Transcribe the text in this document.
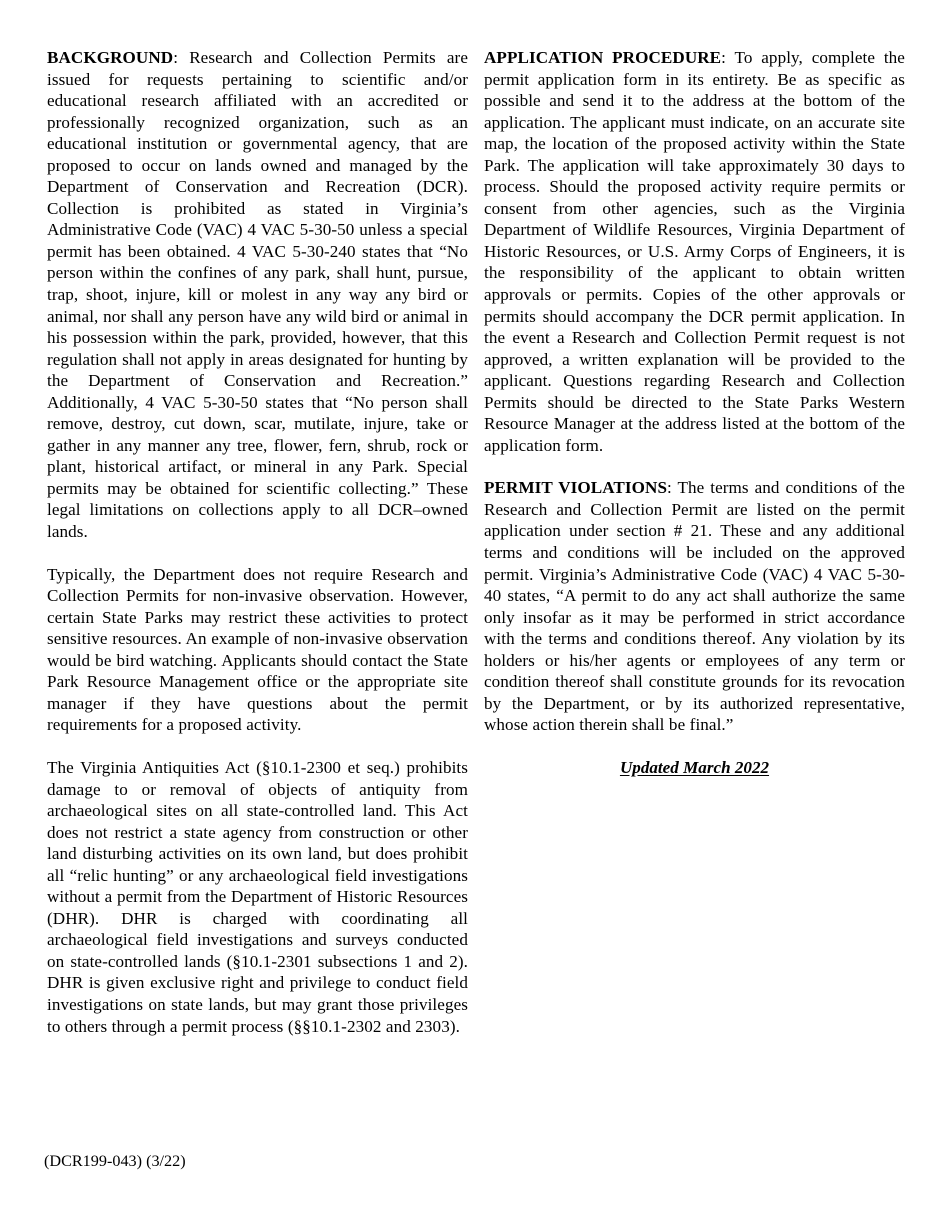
BACKGROUND: Research and Collection Permits are issued for requests pertaining to scientific and/or educational research affiliated with an accredited or professionally recognized organization, such as an educational institution or governmental agency, that are proposed to occur on lands owned and managed by the Department of Conservation and Recreation (DCR). Collection is prohibited as stated in Virginia’s Administrative Code (VAC) 4 VAC 5-30-50 unless a special permit has been obtained. 4 VAC 5-30-240 states that “No person within the confines of any park, shall hunt, pursue, trap, shoot, injure, kill or molest in any way any bird or animal, nor shall any person have any wild bird or animal in his possession within the park, provided, however, that this regulation shall not apply in areas designated for hunting by the Department of Conservation and Recreation.” Additionally, 4 VAC 5-30-50 states that “No person shall remove, destroy, cut down, scar, mutilate, injure, take or gather in any manner any tree, flower, fern, shrub, rock or plant, historical artifact, or mineral in any Park. Special permits may be obtained for scientific collecting.” These legal limitations on collections apply to all DCR–owned lands.

Typically, the Department does not require Research and Collection Permits for non-invasive observation. However, certain State Parks may restrict these activities to protect sensitive resources. An example of non-invasive observation would be bird watching. Applicants should contact the State Park Resource Management office or the appropriate site manager if they have questions about the permit requirements for a proposed activity.

The Virginia Antiquities Act (§10.1-2300 et seq.) prohibits damage to or removal of objects of antiquity from archaeological sites on all state-controlled land. This Act does not restrict a state agency from construction or other land disturbing activities on its own land, but does prohibit all “relic hunting” or any archaeological field investigations without a permit from the Department of Historic Resources (DHR). DHR is charged with coordinating all archaeological field investigations and surveys conducted on state-controlled lands (§10.1-2301 subsections 1 and 2). DHR is given exclusive right and privilege to conduct field investigations on state lands, but may grant those privileges to others through a permit process (§§10.1-2302 and 2303).

APPLICATION PROCEDURE: To apply, complete the permit application form in its entirety. Be as specific as possible and send it to the address at the bottom of the application. The applicant must indicate, on an accurate site map, the location of the proposed activity within the State Park. The application will take approximately 30 days to process. Should the proposed activity require permits or consent from other agencies, such as the Virginia Department of Wildlife Resources, Virginia Department of Historic Resources, or U.S. Army Corps of Engineers, it is the responsibility of the applicant to obtain written approvals or permits. Copies of the other approvals or permits should accompany the DCR permit application. In the event a Research and Collection Permit request is not approved, a written explanation will be provided to the applicant. Questions regarding Research and Collection Permits should be directed to the State Parks Western Resource Manager at the address listed at the bottom of the application form.

PERMIT VIOLATIONS: The terms and conditions of the Research and Collection Permit are listed on the permit application under section # 21. These and any additional terms and conditions will be included on the approved permit. Virginia’s Administrative Code (VAC) 4 VAC 5-30-40 states, “A permit to do any act shall authorize the same only insofar as it may be performed in strict accordance with the terms and conditions thereof. Any violation by its holders or his/her agents or employees of any term or condition thereof shall constitute grounds for its revocation by the Department, or by its authorized representative, whose action therein shall be final.”

Updated March 2022

(DCR199-043) (3/22)
